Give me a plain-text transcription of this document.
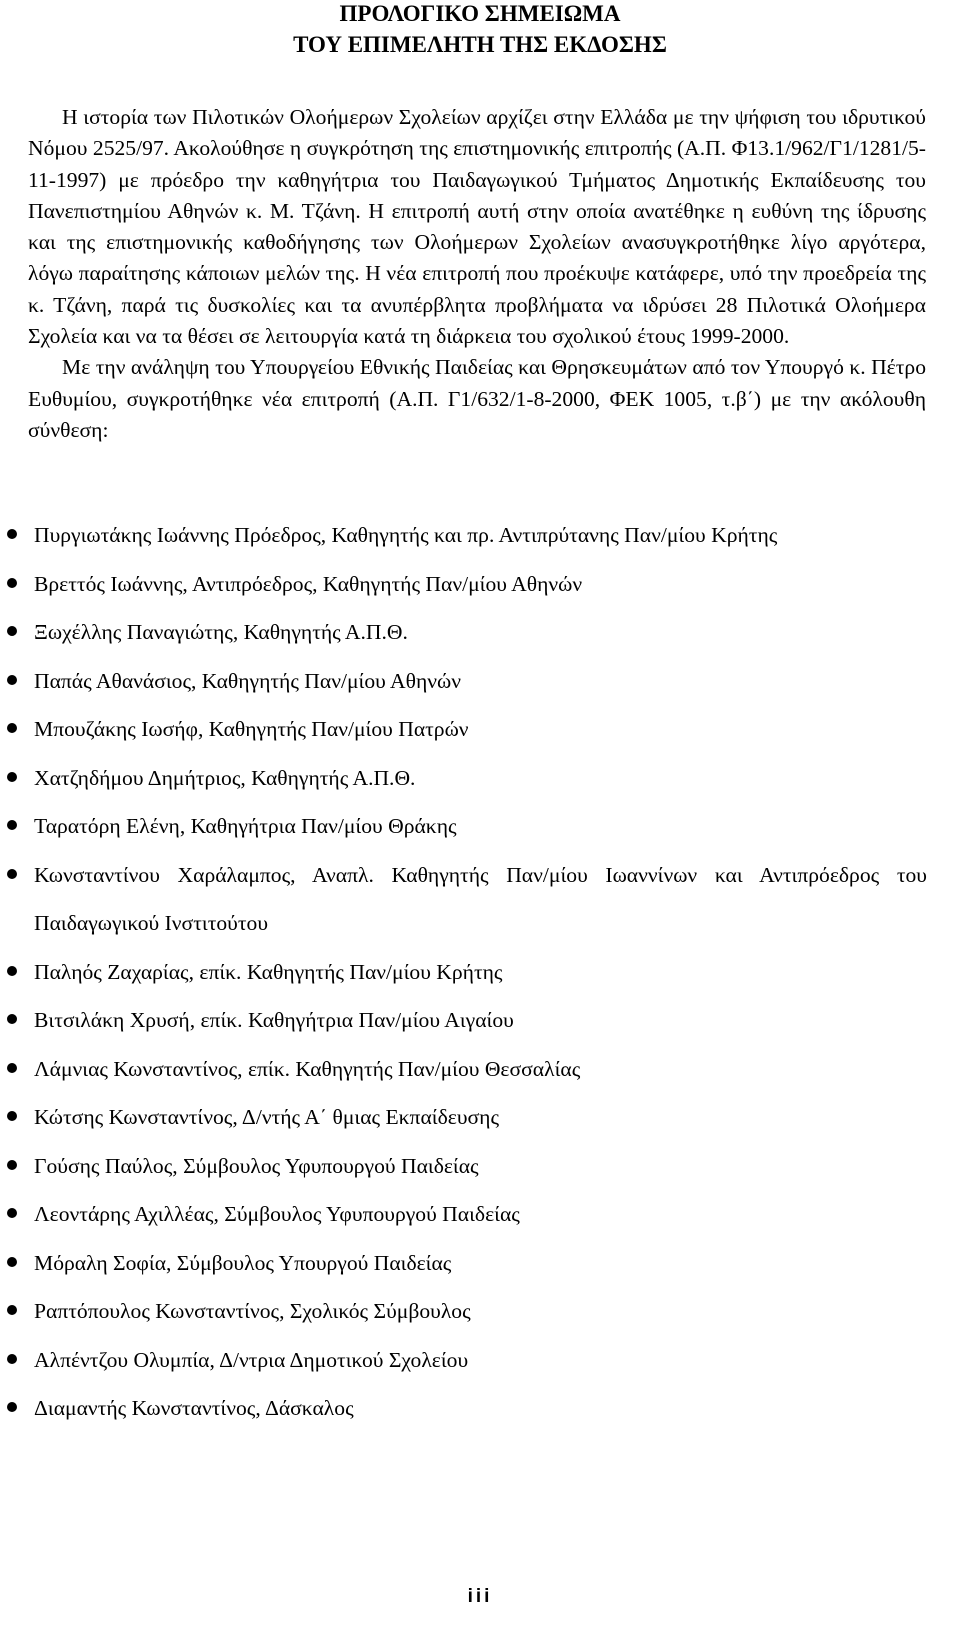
ΠΡΟΛΟΓΙΚΟ ΣΗΜΕΙΩΜΑ
ΤΟΥ ΕΠΙΜΕΛΗΤΗ ΤΗΣ ΕΚΔΟΣΗΣ

Η ιστορία των Πιλοτικών Ολοήμερων Σχολείων αρχίζει στην Ελλάδα με την ψήφιση του ιδρυτικού Νόμου 2525/97. Ακολούθησε η συγκρότηση της επιστημονικής επιτροπής (Α.Π. Φ13.1/962/Γ1/1281/5-11-1997) με πρόεδρο την καθηγήτρια του Παιδαγωγικού Τμήματος Δημοτικής Εκπαίδευσης του Πανεπιστημίου Αθηνών κ. Μ. Τζάνη. Η επιτροπή αυτή στην οποία ανατέθηκε η ευθύνη της ίδρυσης και της επιστημονικής καθοδήγησης των Ολοήμερων Σχολείων ανασυγκροτήθηκε λίγο αργότερα, λόγω παραίτησης κάποιων μελών της. Η νέα επιτροπή που προέκυψε κατάφερε, υπό την προεδρεία της κ. Τζάνη, παρά τις δυσκολίες και τα ανυπέρβλητα προβλήματα να ιδρύσει 28 Πιλοτικά Ολοήμερα Σχολεία και να τα θέσει σε λειτουργία κατά τη διάρκεια του σχολικού έτους 1999-2000.

Με την ανάληψη του Υπουργείου Εθνικής Παιδείας και Θρησκευμάτων από τον Υπουργό κ. Πέτρο Ευθυμίου, συγκροτήθηκε νέα επιτροπή (Α.Π. Γ1/632/1-8-2000, ΦΕΚ 1005, τ.β΄) με την ακόλουθη σύνθεση:

Πυργιωτάκης Ιωάννης Πρόεδρος, Καθηγητής και πρ. Αντιπρύτανης Παν/μίου Κρήτης
Βρεττός Ιωάννης, Αντιπρόεδρος, Καθηγητής Παν/μίου Αθηνών
Ξωχέλλης Παναγιώτης, Καθηγητής Α.Π.Θ.
Παπάς Αθανάσιος, Καθηγητής Παν/μίου Αθηνών
Μπουζάκης Ιωσήφ, Καθηγητής Παν/μίου Πατρών
Χατζηδήμου Δημήτριος, Καθηγητής Α.Π.Θ.
Ταρατόρη Ελένη, Καθηγήτρια Παν/μίου Θράκης
Κωνσταντίνου Χαράλαμπος, Αναπλ. Καθηγητής Παν/μίου Ιωαννίνων και Αντιπρόεδρος του Παιδαγωγικού Ινστιτούτου
Παληός Ζαχαρίας, επίκ. Καθηγητής Παν/μίου Κρήτης
Βιτσιλάκη Χρυσή, επίκ. Καθηγήτρια Παν/μίου Αιγαίου
Λάμνιας Κωνσταντίνος, επίκ. Καθηγητής Παν/μίου Θεσσαλίας
Κώτσης Κωνσταντίνος, Δ/ντής Α΄ θμιας Εκπαίδευσης
Γούσης Παύλος, Σύμβουλος Υφυπουργού Παιδείας
Λεοντάρης Αχιλλέας, Σύμβουλος Υφυπουργού Παιδείας
Μόραλη Σοφία, Σύμβουλος Υπουργού Παιδείας
Ραπτόπουλος Κωνσταντίνος, Σχολικός Σύμβουλος
Αλπέντζου Ολυμπία, Δ/ντρια Δημοτικού Σχολείου
Διαμαντής Κωνσταντίνος, Δάσκαλος
iii
